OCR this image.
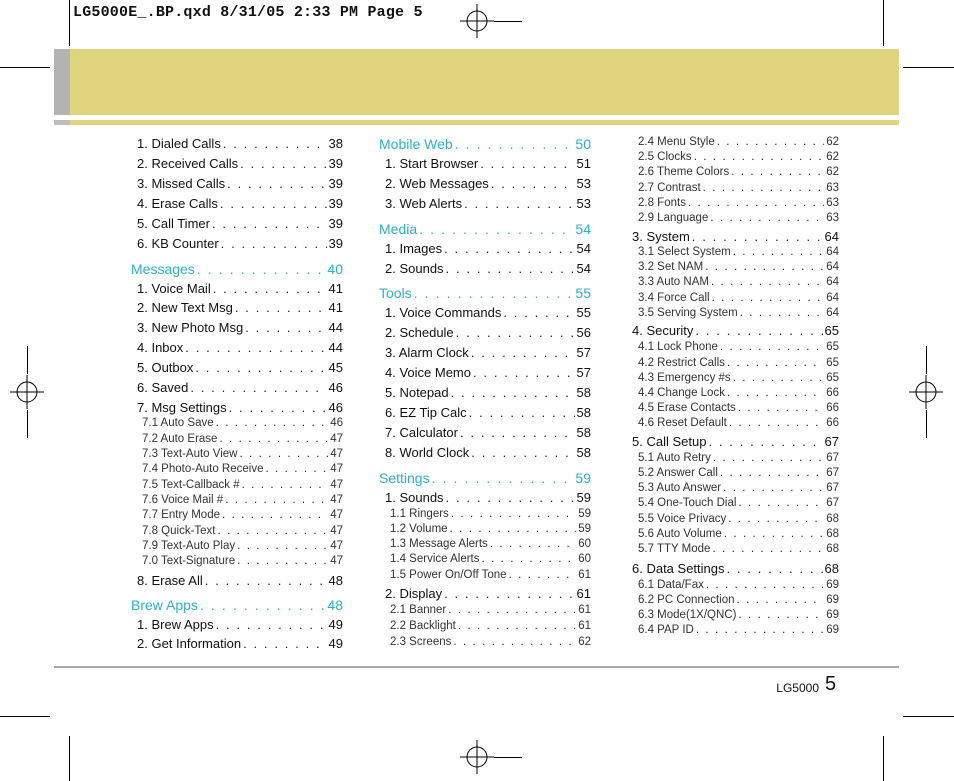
LG5000E_.BP.qxd 8/31/05 2:33 PM Page 5
1. Dialed Calls . . .	38
2. Received Calls . . .	39
3. Missed Calls . . .	39
4. Erase Calls . . .	39
5. Call Timer . . .	39
6. KB Counter . . .	39
Messages . . .	40
1. Voice Mail . . .	41
2. New Text Msg . . .	41
3. New Photo Msg . . .	44
4. Inbox . . .	44
5. Outbox . . .	45
6. Saved . . .	46
7. Msg Settings . . .	46
7.1 Auto Save . . .	46
7.2 Auto Erase . . .	47
7.3 Text-Auto View . . .	47
7.4 Photo-Auto Receive . . .	47
7.5 Text-Callback # . . .	47
7.6 Voice Mail # . . .	47
7.7 Entry Mode . . .	47
7.8 Quick-Text . . .	47
7.9 Text-Auto Play . . .	47
7.0 Text-Signature . . .	47
8. Erase All . . .	48
Brew Apps . . .	48
1. Brew Apps . . .	49
2. Get Information . . .	49
Mobile Web . . .	50
1. Start Browser . . .	51
2. Web Messages . . .	53
3. Web Alerts . . .	53
Media . . .	54
1. Images . . .	54
2. Sounds . . .	54
Tools . . .	55
1. Voice Commands . . .	55
2. Schedule . . .	56
3. Alarm Clock . . .	57
4. Voice Memo . . .	57
5. Notepad . . .	58
6. EZ Tip Calc . . .	58
7. Calculator . . .	58
8. World Clock . . .	58
Settings . . .	59
1. Sounds . . .	59
1.1 Ringers . . .	59
1.2 Volume . . .	59
1.3 Message Alerts . . .	60
1.4 Service Alerts . . .	60
1.5 Power On/Off Tone . . .	61
2. Display . . .	61
2.1 Banner . . .	61
2.2 Backlight . . .	61
2.3 Screens . . .	62
2.4 Menu Style . . .	62
2.5 Clocks . . .	62
2.6 Theme Colors . . .	62
2.7 Contrast . . .	63
2.8 Fonts . . .	63
2.9 Language . . .	63
3. System . . .	64
3.1 Select System . . .	64
3.2 Set NAM . . .	64
3.3 Auto NAM . . .	64
3.4 Force Call . . .	64
3.5 Serving System . . .	64
4. Security . . .	65
4.1 Lock Phone . . .	65
4.2 Restrict Calls . . .	65
4.3 Emergency #s . . .	65
4.4 Change Lock . . .	66
4.5 Erase Contacts . . .	66
4.6 Reset Default . . .	66
5. Call Setup . . .	67
5.1 Auto Retry . . .	67
5.2 Answer Call . . .	67
5.3 Auto Answer . . .	67
5.4 One-Touch Dial . . .	67
5.5 Voice Privacy . . .	68
5.6 Auto Volume . . .	68
5.7 TTY Mode . . .	68
6. Data Settings . . .	68
6.1 Data/Fax . . .	69
6.2 PC Connection . . .	69
6.3 Mode(1X/QNC) . . .	69
6.4 PAP ID . . .	69
LG5000 5
